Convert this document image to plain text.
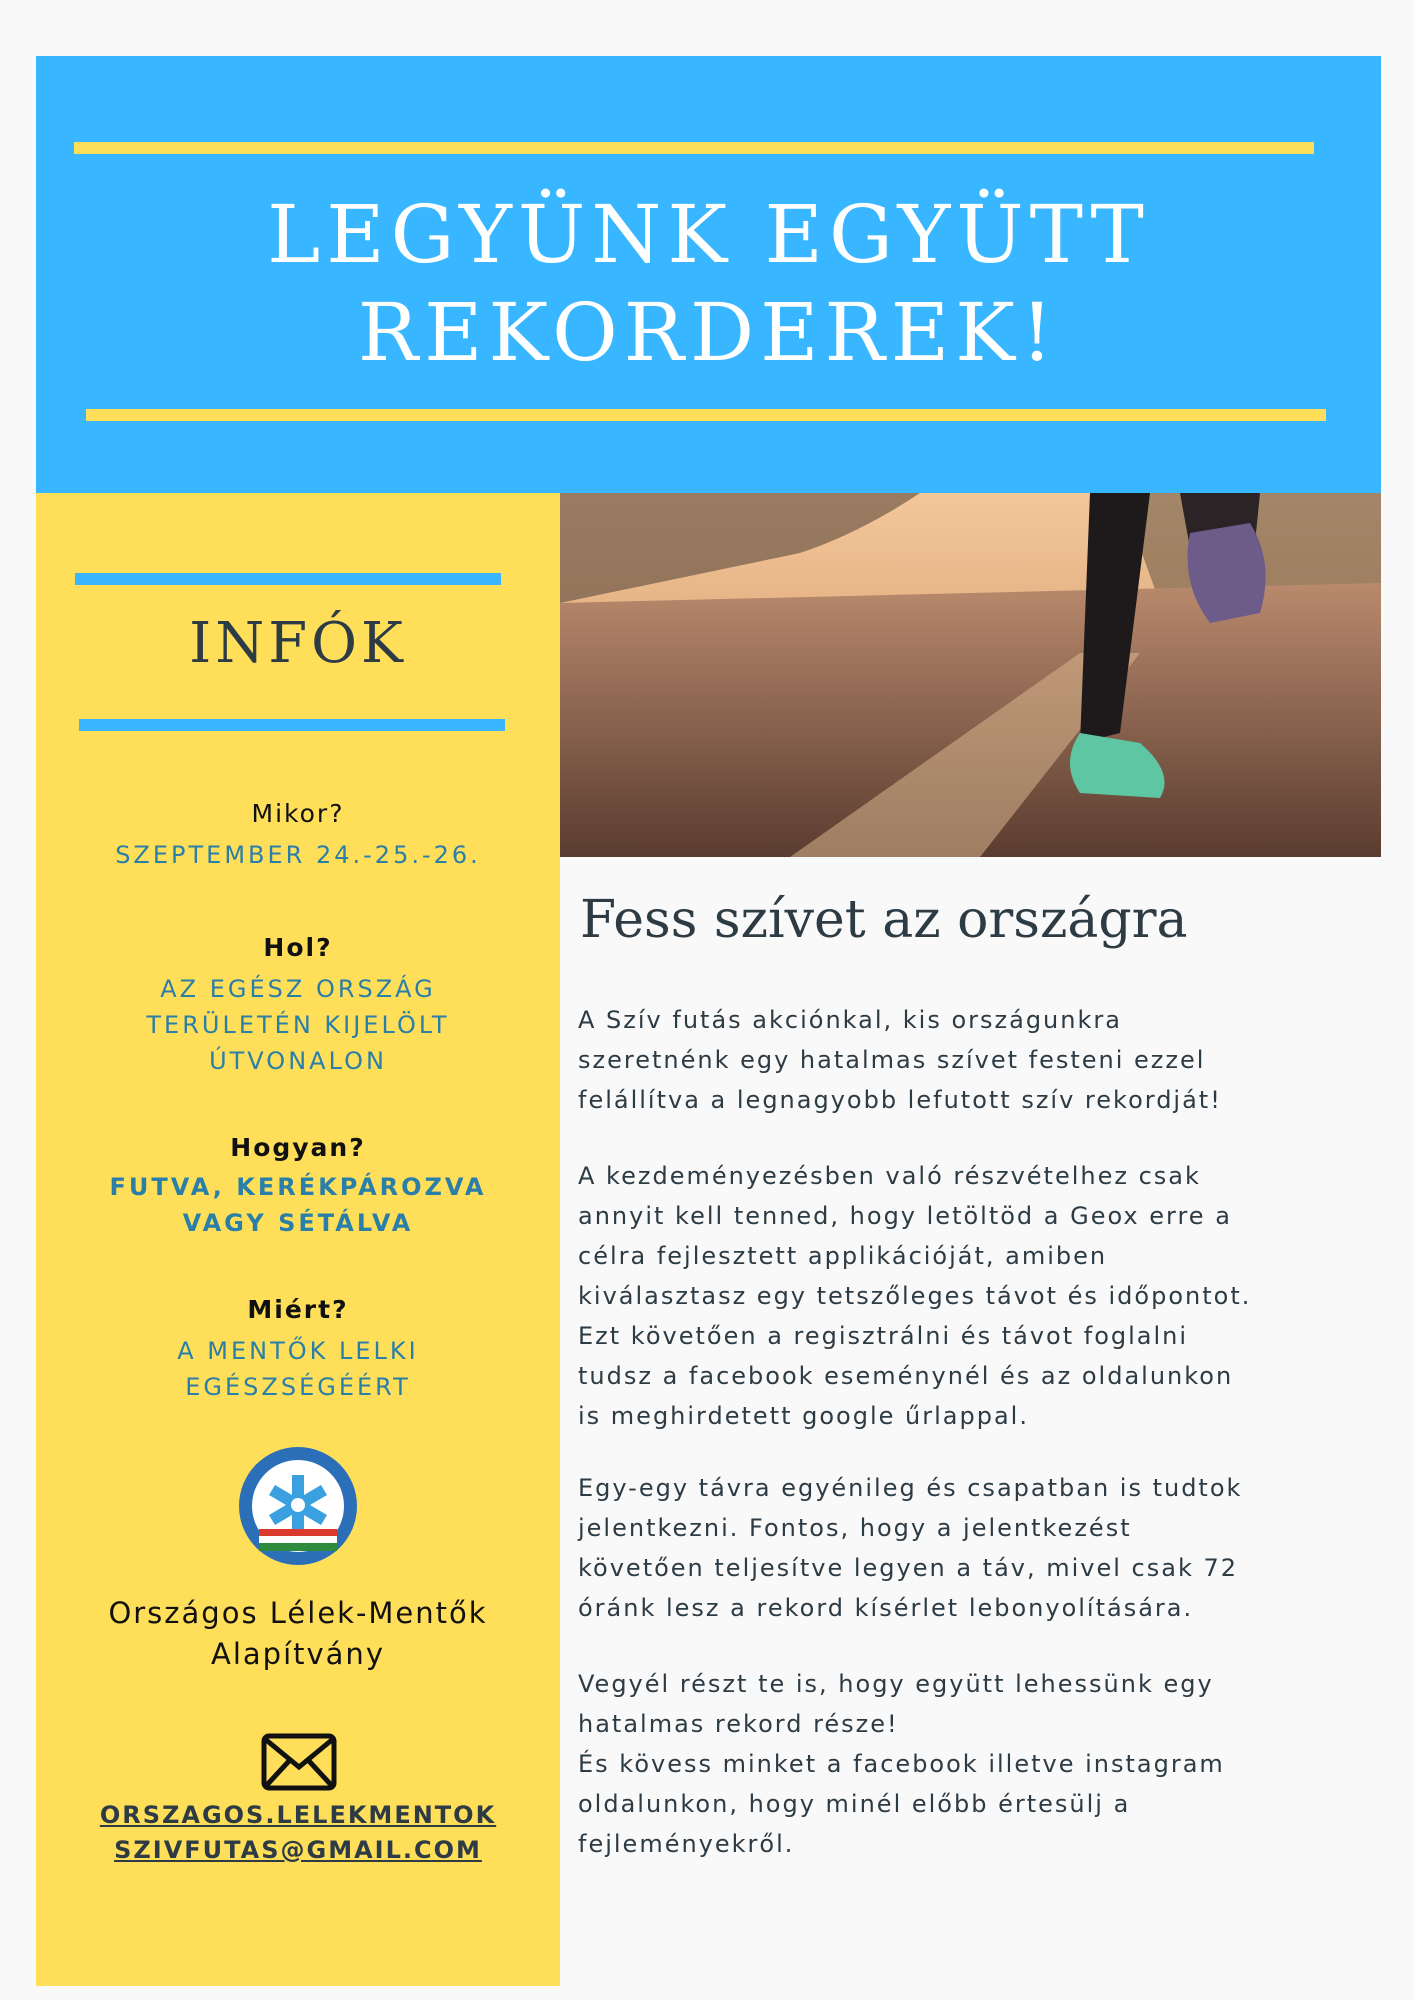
LEGYÜNK EGYÜTT
REKORDEREK!
INFÓK
Mikor?
SZEPTEMBER 24.-25.-26.
Hol?
AZ EGÉSZ ORSZÁG
TERÜLETÉN KIJELÖLT
ÚTVONALON
Hogyan?
FUTVA, KERÉKPÁROZVA
VAGY SÉTÁLVA
Miért?
A MENTŐK LELKI
EGÉSZSÉGÉÉRT
Országos Lélek-Mentők
Alapítvány
ORSZAGOS.LELEKMENTOK
SZIVFUTAS@GMAIL.COM
Fess szívet az országra
A Szív futás akciónkal, kis országunkra
szeretnénk egy hatalmas szívet festeni ezzel
felállítva a legnagyobb lefutott szív rekordját!
A kezdeményezésben való részvételhez csak
annyit kell tenned, hogy letöltöd a Geox erre a
célra fejlesztett applikációját, amiben
kiválasztasz egy tetszőleges távot és időpontot.
Ezt követően a regisztrálni és távot foglalni
tudsz a facebook eseménynél és az oldalunkon
is meghirdetett google űrlappal.
Egy-egy távra egyénileg és csapatban is tudtok
jelentkezni. Fontos, hogy a jelentkezést
követően teljesítve legyen a táv, mivel csak 72
óránk lesz a rekord kísérlet lebonyolítására.
Vegyél részt te is, hogy együtt lehessünk egy
hatalmas rekord része!
És kövess minket a facebook illetve instagram
oldalunkon, hogy minél előbb értesülj a
fejleményekről.
